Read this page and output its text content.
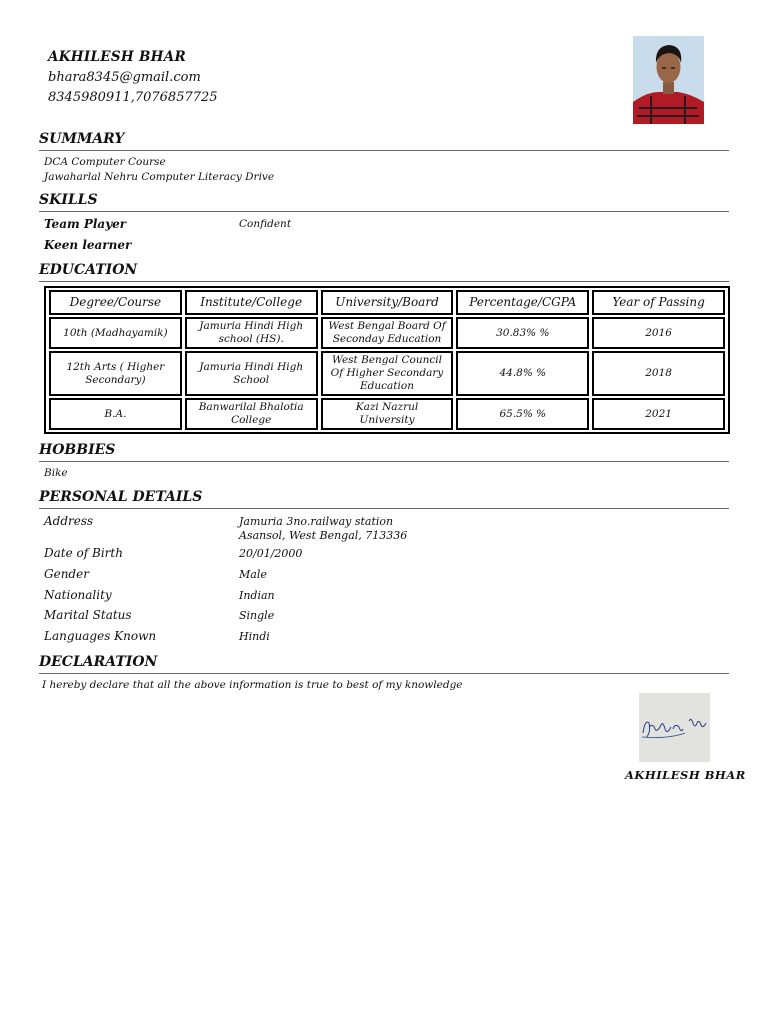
AKHILESH BHAR
bhara8345@gmail.com
8345980911,7076857725
SUMMARY
DCA Computer Course
Jawaharlal Nehru Computer Literacy Drive
SKILLS
Team Player	Confident
Keen learner
EDUCATION
Degree/Course	Institute/College	University/Board	Percentage/CGPA	Year of Passing
10th (Madhayamik)	Jamuria Hindi High school (HS).	West Bengal Board Of Seconday Education	30.83% %	2016
12th Arts ( Higher Secondary)	Jamuria Hindi High School	West Bengal Council Of Higher Secondary Education	44.8% %	2018
B.A.	Banwarilal Bhalotia College	Kazi Nazrul University	65.5% %	2021
HOBBIES
Bike
PERSONAL DETAILS
Address	Jamuria 3no.railway station
Asansol, West Bengal, 713336
Date of Birth	20/01/2000
Gender	Male
Nationality	Indian
Marital Status	Single
Languages Known	Hindi
DECLARATION
I hereby declare that all the above information is true to best of my knowledge
AKHILESH BHAR
